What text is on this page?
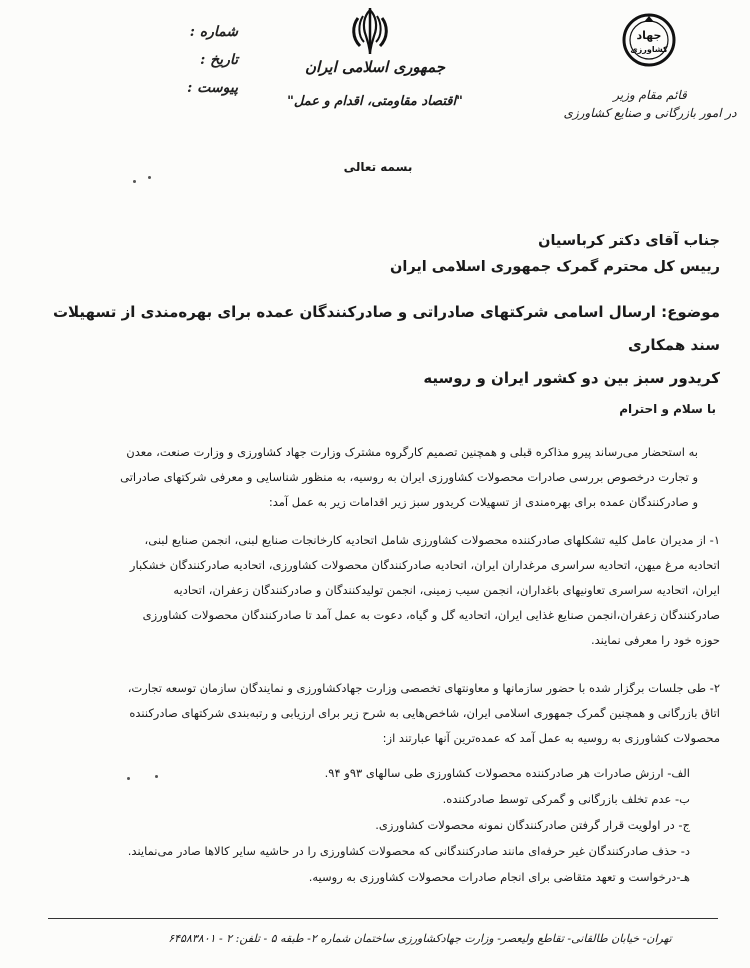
شماره :
تاریخ :
پیوست :
جمهوری اسلامی ایران
"اقتصاد مقاومتی، اقدام و عمل"
بسمه تعالی
جهاد
کشاورزی
قائم مقام وزیر
در امور بازرگانی و صنایع کشاورزی
جناب آقای دکتر کرباسیان
رییس کل محترم گمرک جمهوری اسلامی ایران
موضوع: ارسال اسامی شرکتهای صادراتی و صادرکنندگان عمده برای بهره‌مندی از تسهیلات سند همکاری
کریدور سبز بین دو کشور ایران و روسیه
با سلام و احترام
به استحضار می‌رساند پیرو مذاکره قبلی و همچنین تصمیم کارگروه مشترک وزارت جهاد کشاورزی و وزارت صنعت، معدن
و تجارت درخصوص بررسی صادرات محصولات کشاورزی ایران به روسیه، به منظور شناسایی و معرفی شرکتهای صادراتی
و صادرکنندگان عمده برای بهره‌مندی از تسهیلات کریدور سبز زیر اقدامات زیر به عمل آمد:
۱- از مدیران عامل کلیه تشکلهای صادرکننده محصولات کشاورزی شامل اتحادیه کارخانجات صنایع لبنی، انجمن صنایع لبنی،
اتحادیه مرغ میهن، اتحادیه سراسری مرغداران ایران، اتحادیه صادرکنندگان محصولات کشاورزی، اتحادیه صادرکنندگان خشکبار
ایران، اتحادیه سراسری تعاونیهای باغداران، انجمن سیب زمینی، انجمن تولیدکنندگان و صادرکنندگان زعفران، اتحادیه
صادرکنندگان زعفران،انجمن صنایع غذایی ایران، اتحادیه گل و گیاه، دعوت به عمل آمد تا صادرکنندگان محصولات کشاورزی
حوزه خود را معرفی نمایند.
۲- طی جلسات برگزار شده با حضور سازمانها و معاونتهای تخصصی وزارت جهادکشاورزی و نمایندگان سازمان توسعه تجارت،
اتاق بازرگانی و همچنین گمرک جمهوری اسلامی ایران، شاخص‌هایی به شرح زیر برای ارزیابی و رتبه‌بندی شرکتهای صادرکننده
محصولات کشاورزی به روسیه به عمل آمد که عمده‌ترین آنها عبارتند از:
الف- ارزش صادرات هر صادرکننده محصولات کشاورزی طی سالهای ۹۳و ۹۴.
ب- عدم تخلف بازرگانی و گمرکی توسط صادرکننده.
ج- در اولویت قرار گرفتن صادرکنندگان نمونه محصولات کشاورزی.
د- حذف صادرکنندگان غیر حرفه‌ای مانند صادرکنندگانی که محصولات کشاورزی را در حاشیه سایر کالاها صادر می‌نمایند.
هـ-درخواست و تعهد متقاضی برای انجام صادرات محصولات کشاورزی به روسیه.
تهران- خیابان طالقانی- تقاطع ولیعصر- وزارت جهادکشاورزی ساختمان شماره ۲- طبقه ۵ - تلفن: ۲ - ۶۴۵۸۳۸۰۱
